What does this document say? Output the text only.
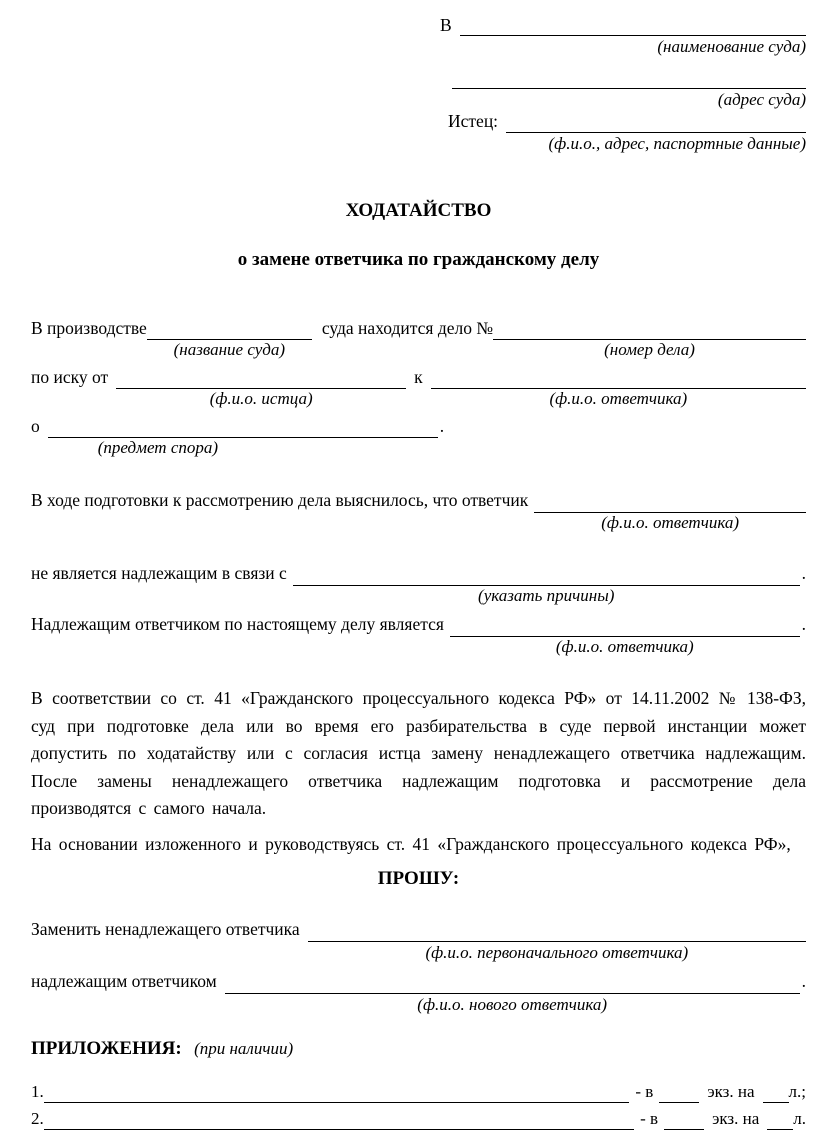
В
(наименование суда)
(адрес суда)
Истец:
(ф.и.о., адрес, паспортные данные)
ХОДАТАЙСТВО
о замене ответчика по гражданскому делу
В производстве
(название суда)
суда находится дело №
(номер дела)
по иску от
(ф.и.о. истца)
к
(ф.и.о. ответчика)
о
(предмет спора)
.
В ходе подготовки к рассмотрению дела выяснилось, что ответчик
(ф.и.о. ответчика)
не является надлежащим в связи с
(указать причины)
.
Надлежащим ответчиком по настоящему делу является
(ф.и.о. ответчика)
.

В соответствии со ст. 41 «Гражданского процессуального кодекса РФ» от 14.11.2002 № 138-ФЗ, суд при подготовке дела или во время его разбирательства в суде первой инстанции может допустить по ходатайству или с согласия истца замену ненадлежащего ответчика надлежащим. После замены ненадлежащего ответчика надлежащим подготовка и рассмотрение дела производятся с самого начала.

На основании изложенного и руководствуясь ст. 41 «Гражданского процессуального кодекса РФ»,

ПРОШУ:
Заменить ненадлежащего ответчика
(ф.и.о. первоначального ответчика)
надлежащим ответчиком
(ф.и.о. нового ответчика)
.
ПРИЛОЖЕНИЯ: (при наличии)
1.	- в	экз. на л.;
2.	- в	экз. на л.
